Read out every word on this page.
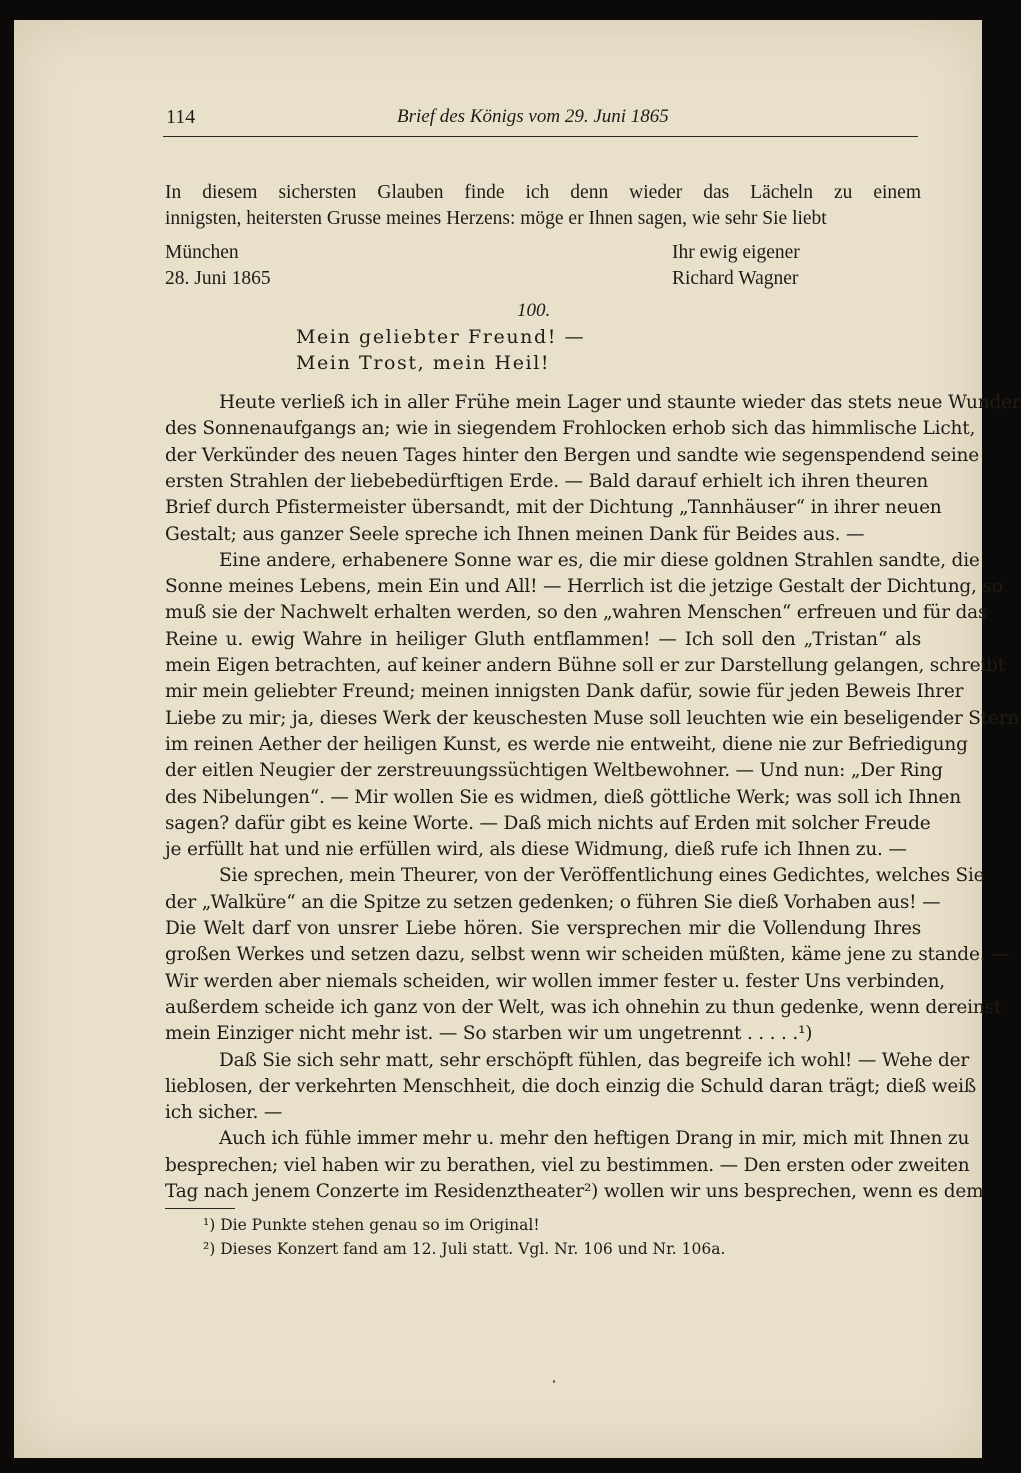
114	Brief des Königs vom 29. Juni 1865
In diesem sichersten Glauben finde ich denn wieder das Lächeln zu einem
innigsten, heitersten Grusse meines Herzens: möge er Ihnen sagen, wie sehr Sie liebt
München
28. Juni 1865
Ihr ewig eigener
Richard Wagner
100.
Mein geliebter Freund! —
Mein Trost, mein Heil!
Heute verließ ich in aller Frühe mein Lager und staunte wieder das stets neue Wunder
des Sonnenaufgangs an; wie in siegendem Frohlocken erhob sich das himmlische Licht,
der Verkünder des neuen Tages hinter den Bergen und sandte wie segenspendend seine
ersten Strahlen der liebebedürftigen Erde. — Bald darauf erhielt ich ihren theuren
Brief durch Pfistermeister übersandt, mit der Dichtung „Tannhäuser“ in ihrer neuen
Gestalt; aus ganzer Seele spreche ich Ihnen meinen Dank für Beides aus. —
Eine andere, erhabenere Sonne war es, die mir diese goldnen Strahlen sandte, die
Sonne meines Lebens, mein Ein und All! — Herrlich ist die jetzige Gestalt der Dichtung, so
muß sie der Nachwelt erhalten werden, so den „wahren Menschen“ erfreuen und für das
Reine u. ewig Wahre in heiliger Gluth entflammen! — Ich soll den „Tristan“ als
mein Eigen betrachten, auf keiner andern Bühne soll er zur Darstellung gelangen, schreibt
mir mein geliebter Freund; meinen innigsten Dank dafür, sowie für jeden Beweis Ihrer
Liebe zu mir; ja, dieses Werk der keuschesten Muse soll leuchten wie ein beseligender Stern
im reinen Aether der heiligen Kunst, es werde nie entweiht, diene nie zur Befriedigung
der eitlen Neugier der zerstreuungssüchtigen Weltbewohner. — Und nun: „Der Ring
des Nibelungen“. — Mir wollen Sie es widmen, dieß göttliche Werk; was soll ich Ihnen
sagen? dafür gibt es keine Worte. — Daß mich nichts auf Erden mit solcher Freude
je erfüllt hat und nie erfüllen wird, als diese Widmung, dieß rufe ich Ihnen zu. —
Sie sprechen, mein Theurer, von der Veröffentlichung eines Gedichtes, welches Sie
der „Walküre“ an die Spitze zu setzen gedenken; o führen Sie dieß Vorhaben aus! —
Die Welt darf von unsrer Liebe hören. Sie versprechen mir die Vollendung Ihres
großen Werkes und setzen dazu, selbst wenn wir scheiden müßten, käme jene zu stande. —
Wir werden aber niemals scheiden, wir wollen immer fester u. fester Uns verbinden,
außerdem scheide ich ganz von der Welt, was ich ohnehin zu thun gedenke, wenn dereinst
mein Einziger nicht mehr ist. — So starben wir um ungetrennt . . . . .¹)
Daß Sie sich sehr matt, sehr erschöpft fühlen, das begreife ich wohl! — Wehe der
lieblosen, der verkehrten Menschheit, die doch einzig die Schuld daran trägt; dieß weiß
ich sicher. —
Auch ich fühle immer mehr u. mehr den heftigen Drang in mir, mich mit Ihnen zu
besprechen; viel haben wir zu berathen, viel zu bestimmen. — Den ersten oder zweiten
Tag nach jenem Conzerte im Residenztheater²) wollen wir uns besprechen, wenn es dem
¹) Die Punkte stehen genau so im Original!
²) Dieses Konzert fand am 12. Juli statt. Vgl. Nr. 106 und Nr. 106a.
